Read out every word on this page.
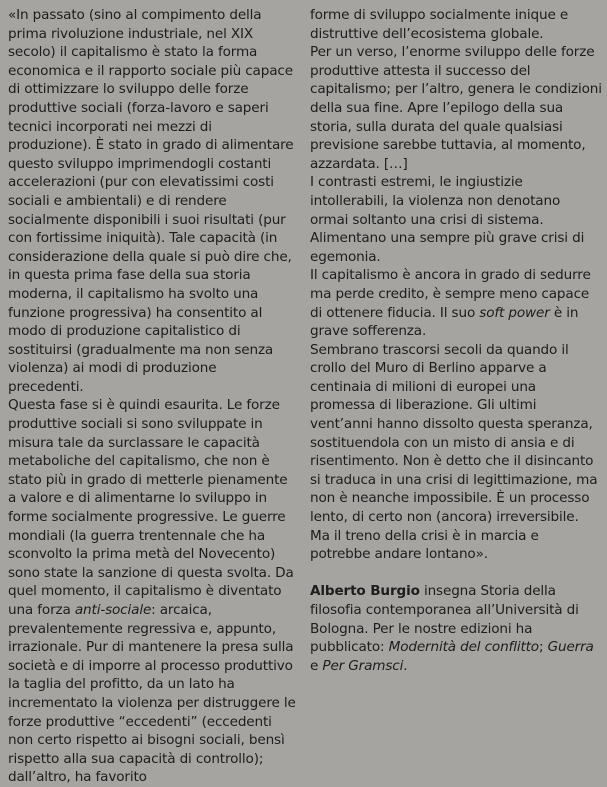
«In passato (sino al compimento della prima rivoluzione industriale, nel XIX secolo) il capitalismo è stato la forma economica e il rapporto sociale più capace di ottimizzare lo sviluppo delle forze produttive sociali (forza-lavoro e saperi tecnici incorporati nei mezzi di produzione). È stato in grado di alimentare questo sviluppo imprimendogli costanti accelerazioni (pur con elevatissimi costi sociali e ambientali) e di rendere socialmente disponibili i suoi risultati (pur con fortissime iniquità). Tale capacità (in considerazione della quale si può dire che, in questa prima fase della sua storia moderna, il capitalismo ha svolto una funzione progressiva) ha consentito al modo di produzione capitalistico di sostituirsi (gradualmente ma non senza violenza) ai modi di produzione precedenti.

Questa fase si è quindi esaurita. Le forze produttive sociali si sono sviluppate in misura tale da surclassare le capacità metaboliche del capitalismo, che non è stato più in grado di metterle pienamente a valore e di alimentarne lo sviluppo in forme socialmente progressive. Le guerre mondiali (la guerra trentennale che ha sconvolto la prima metà del Novecento) sono state la sanzione di questa svolta. Da quel momento, il capitalismo è diventato una forza anti-sociale: arcaica, prevalentemente regressiva e, appunto, irrazionale. Pur di mantenere la presa sulla società e di imporre al processo produttivo la taglia del profitto, da un lato ha incrementato la violenza per distruggere le forze produttive “eccedenti” (eccedenti non certo rispetto ai bisogni sociali, bensì rispetto alla sua capacità di controllo); dall’altro, ha favorito

forme di sviluppo socialmente inique e distruttive dell’ecosistema globale.

Per un verso, l’enorme sviluppo delle forze produttive attesta il successo del capitalismo; per l’altro, genera le condizioni della sua fine. Apre l’epilogo della sua storia, sulla durata del quale qualsiasi previsione sarebbe tuttavia, al momento, azzardata. […]

I contrasti estremi, le ingiustizie intollerabili, la violenza non denotano ormai soltanto una crisi di sistema. Alimentano una sempre più grave crisi di egemonia.

Il capitalismo è ancora in grado di sedurre ma perde credito, è sempre meno capace di ottenere fiducia. Il suo soft power è in grave sofferenza.

Sembrano trascorsi secoli da quando il crollo del Muro di Berlino apparve a centinaia di milioni di europei una promessa di liberazione. Gli ultimi vent’anni hanno dissolto questa speranza, sostituendola con un misto di ansia e di risentimento. Non è detto che il disincanto si traduca in una crisi di legittimazione, ma non è neanche impossibile. È un processo lento, di certo non (ancora) irreversibile. Ma il treno della crisi è in marcia e potrebbe andare lontano».

Alberto Burgio insegna Storia della filosofia contemporanea all’Università di Bologna. Per le nostre edizioni ha pubblicato: Modernità del conflitto; Guerra e Per Gramsci.
